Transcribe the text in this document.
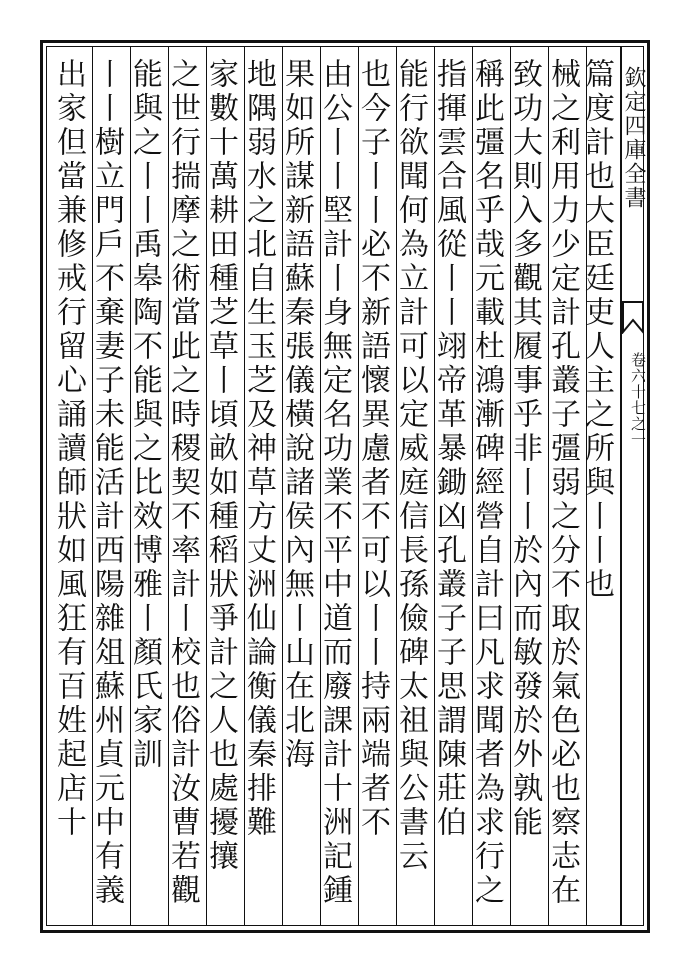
欽定四庫全書
卷六十七之一
篇度計也大臣廷吏人主之所與丨丨也
械之利用力少定計孔叢子彊弱之分不取於氣色必也察志在
致功大則入多觀其履事乎非丨丨於內而敏發於外孰能
稱此彊名乎哉元載杜鴻漸碑經營自計曰凡求聞者為求行之
指揮雲合風從丨丨翊帝革暴鋤凶孔叢子子思謂陳莊伯
能行欲聞何為立計可以定威庭信長孫儉碑太祖與公書云
也今子丨丨必不新語懷異慮者不可以丨丨持兩端者不
由公丨丨堅計丨身無定名功業不平中道而廢課計十洲記鍾
果如所謀新語蘇秦張儀橫說諸侯內無丨山在北海
地隅弱水之北自生玉芝及神草方丈洲仙論衡儀秦排難
家數十萬耕田種芝草丨頃畝如種稻狀爭計之人也處擾攘
之世行揣摩之術當此之時稷契不率計丨校也俗計汝曹若觀
能與之丨丨禹皋陶不能與之比效博雅丨顏氏家訓
丨丨樹立門戶不棄妻子未能活計西陽雜俎蘇州貞元中有義
出家但當兼修戒行留心誦讀師狀如風狂有百姓起店十
